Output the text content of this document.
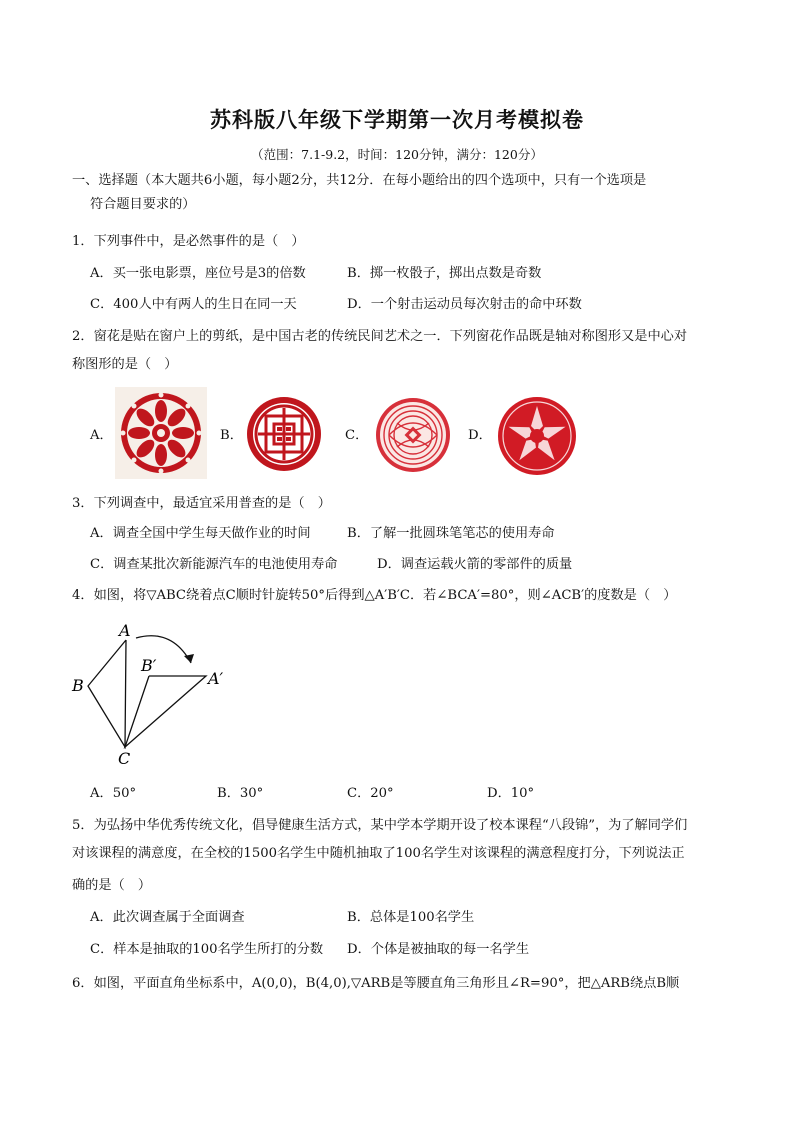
苏科版八年级下学期第一次月考模拟卷
（范围：7.1-9.2，时间：120分钟，满分：120分）
一、选择题（本大题共6小题，每小题2分，共12分．在每小题给出的四个选项中，只有一个选项是
符合题目要求的）
1．下列事件中，是必然事件的是（　）
A．买一张电影票，座位号是3的倍数	B．掷一枚骰子，掷出点数是奇数
C．400人中有两人的生日在同一天	D．一个射击运动员每次射击的命中环数
2．窗花是贴在窗户上的剪纸，是中国古老的传统民间艺术之一．下列窗花作品既是轴对称图形又是中心对
称图形的是（　）
A．	B．	C．	D．
3．下列调查中，最适宜采用普查的是（　）
A．调查全国中学生每天做作业的时间	B．了解一批圆珠笔笔芯的使用寿命
C．调查某批次新能源汽车的电池使用寿命	D．调查运载火箭的零部件的质量
4．如图，将▽ABC绕着点C顺时针旋转50°后得到△A′B′C．若∠BCA′=80°，则∠ACB′的度数是（　）
A
B
C
A′
B′
A．50°	B．30°	C．20°	D．10°
5．为弘扬中华优秀传统文化，倡导健康生活方式，某中学本学期开设了校本课程“八段锦”，为了解同学们
对该课程的满意度，在全校的1500名学生中随机抽取了100名学生对该课程的满意程度打分，下列说法正
确的是（　）
A．此次调查属于全面调查	B．总体是100名学生
C．样本是抽取的100名学生所打的分数 D．个体是被抽取的每一名学生
6．如图，平面直角坐标系中，A(0,0)，B(4,0),▽ARB是等腰直角三角形且∠R=90°，把△ARB绕点B顺
